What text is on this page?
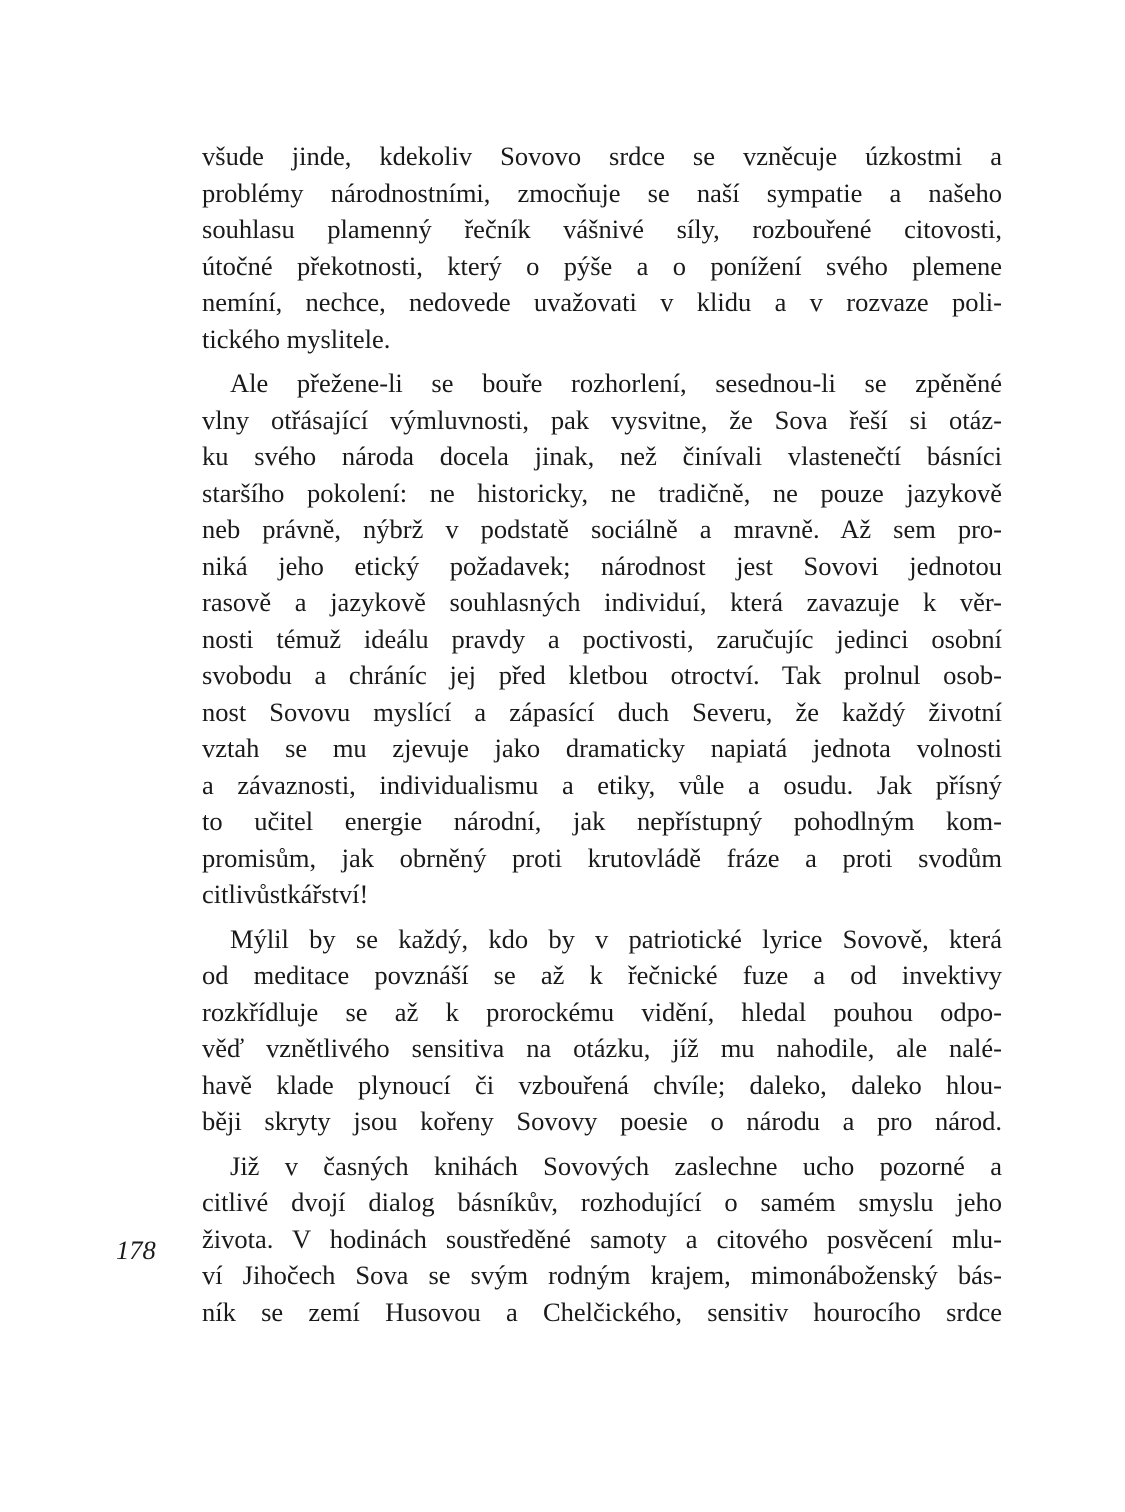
všude jinde, kdekoliv Sovovo srdce se vzněcuje úzkostmi a
problémy národnostními, zmocňuje se naší sympatie a našeho
souhlasu plamenný řečník vášnivé síly, rozbouřené citovosti,
útočné překotnosti, který o pýše a o ponížení svého plemene
nemíní, nechce, nedovede uvažovati v klidu a v rozvaze poli-
tického myslitele.
Ale přežene-li se bouře rozhorlení, sesednou-li se zpěněné
vlny otřásající výmluvnosti, pak vysvitne, že Sova řeší si otáz-
ku svého národa docela jinak, než činívali vlastenečtí básníci
staršího pokolení: ne historicky, ne tradičně, ne pouze jazykově
neb právně, nýbrž v podstatě sociálně a mravně. Až sem pro-
niká jeho etický požadavek; národnost jest Sovovi jednotou
rasově a jazykově souhlasných individuí, která zavazuje k věr-
nosti témuž ideálu pravdy a poctivosti, zaručujíc jedinci osobní
svobodu a chráníc jej před kletbou otroctví. Tak prolnul osob-
nost Sovovu myslící a zápasící duch Severu, že každý životní
vztah se mu zjevuje jako dramaticky napiatá jednota volnosti
a závaznosti, individualismu a etiky, vůle a osudu. Jak přísný
to učitel energie národní, jak nepřístupný pohodlným kom-
promisům, jak obrněný proti krutovládě fráze a proti svodům
citlivůstkářství!
Mýlil by se každý, kdo by v patriotické lyrice Sovově, která
od meditace povznáší se až k řečnické fuze a od invektivy
rozkřídluje se až k prorockému vidění, hledal pouhou odpo-
věď vznětlivého sensitiva na otázku, jíž mu nahodile, ale nalé-
havě klade plynoucí či vzbouřená chvíle; daleko, daleko hlou-
běji skryty jsou kořeny Sovovy poesie o národu a pro národ.
Již v časných knihách Sovových zaslechne ucho pozorné a
citlivé dvojí dialog básníkův, rozhodující o samém smyslu jeho
života. V hodinách soustředěné samoty a citového posvěcení mlu-
ví Jihočech Sova se svým rodným krajem, mimonáboženský bás-
ník se zemí Husovou a Chelčického, sensitiv hourocího srdce
178
